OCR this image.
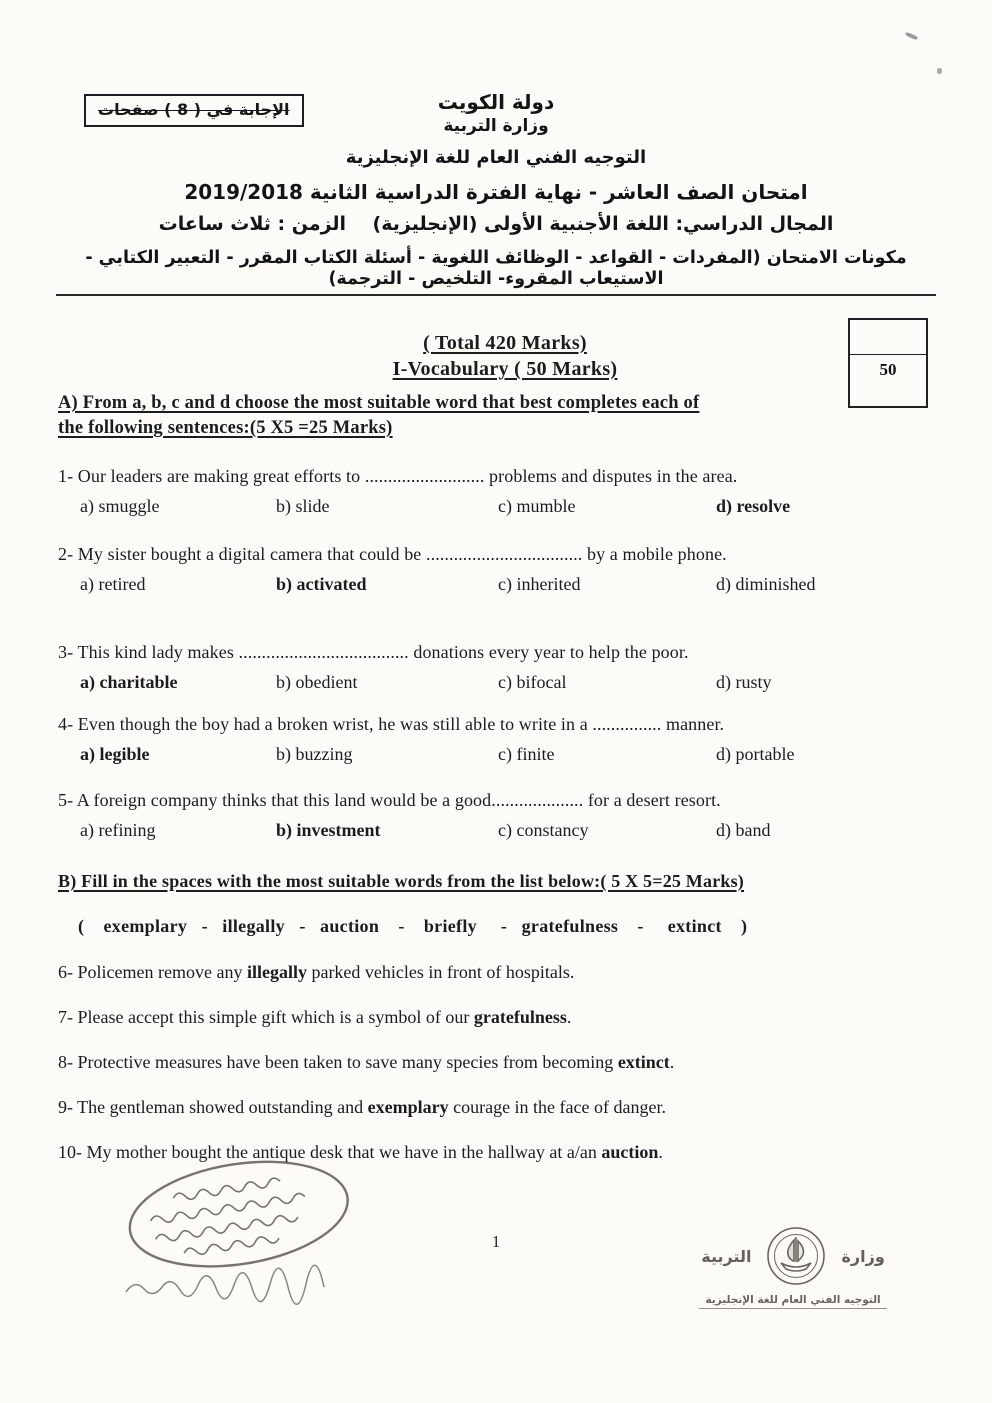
الإجابة في ( 8 ) صفحات	دولة الكويت
وزارة التربية
التوجيه الفني العام للغة الإنجليزية
امتحان الصف العاشر - نهاية الفترة الدراسية الثانية 2019/2018
المجال الدراسي: اللغة الأجنبية الأولى (الإنجليزية)    الزمن : ثلاث ساعات
مكونات الامتحان (المفردات - القواعد - الوظائف اللغوية - أسئلة الكتاب المقرر - التعبير الكتابي -
الاستيعاب المقروء- التلخيص - الترجمة)
50
( Total 420 Marks)
I-Vocabulary ( 50 Marks)
A) From a, b, c and d choose the most suitable word that best completes each of
the following sentences:(5 X5 =25 Marks)
1- Our leaders are making great efforts to .......................... problems and disputes in the area.
a) smuggle	b) slide	c) mumble	d) resolve
2- My sister bought a digital camera that could be .................................. by a mobile phone.
a) retired	b) activated	c) inherited	d) diminished
3- This kind lady makes ..................................... donations every year to help the poor.
a) charitable	b) obedient	c) bifocal	d) rusty
4- Even though the boy had a broken wrist, he was still able to write in a ............... manner.
a) legible	b) buzzing	c) finite	d) portable
5- A foreign company thinks that this land would be a good.................... for a desert resort.
a) refining	b) investment	c) constancy	d) band
B) Fill in the spaces with the most suitable words from the list below:( 5 X 5=25 Marks)
(    exemplary   -   illegally   -   auction    -    briefly     -   gratefulness    -     extinct    )
6- Policemen remove any illegally parked vehicles in front of hospitals.
7- Please accept this simple gift which is a symbol of our gratefulness.
8- Protective measures have been taken to save many species from becoming extinct.
9- The gentleman showed outstanding and exemplary courage in the face of danger.
10- My mother bought the antique desk that we have in the hallway at a/an auction.
1
وزارة
التربية
التوجيه الفني العام للغة الإنجليزية
